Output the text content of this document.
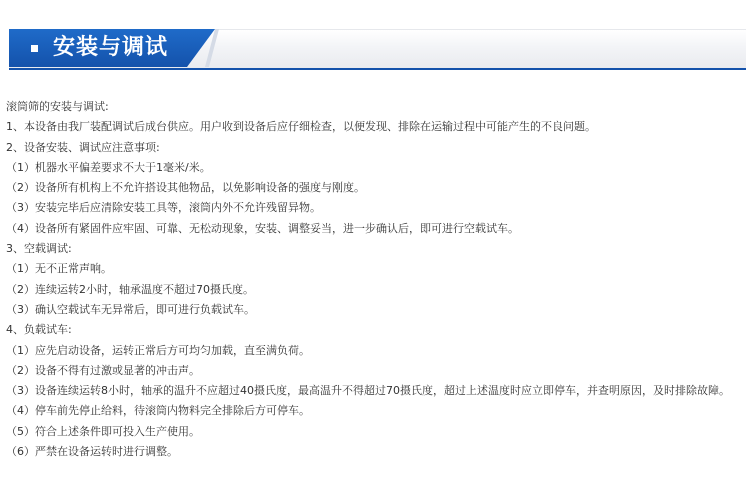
安装与调试
滚筒筛的安装与调试:
1、本设备由我厂装配调试后成台供应。用户收到设备后应仔细检查，以便发现、排除在运输过程中可能产生的不良问题。
2、设备安装、调试应注意事项:
（1）机器水平偏差要求不大于1毫米/米。
（2）设备所有机构上不允许搭设其他物品，以免影响设备的强度与刚度。
（3）安装完毕后应清除安装工具等，滚筒内外不允许残留异物。
（4）设备所有紧固件应牢固、可靠、无松动现象，安装、调整妥当，进一步确认后，即可进行空载试车。
3、空载调试:
（1）无不正常声响。
（2）连续运转2小时，轴承温度不超过70摄氏度。
（3）确认空载试车无异常后，即可进行负载试车。
4、负载试车:
（1）应先启动设备，运转正常后方可均匀加载，直至满负荷。
（2）设备不得有过激或显著的冲击声。
（3）设备连续运转8小时，轴承的温升不应超过40摄氏度，最高温升不得超过70摄氏度，超过上述温度时应立即停车，并查明原因，及时排除故障。
（4）停车前先停止给料，待滚筒内物料完全排除后方可停车。
（5）符合上述条件即可投入生产使用。
（6）严禁在设备运转时进行调整。
